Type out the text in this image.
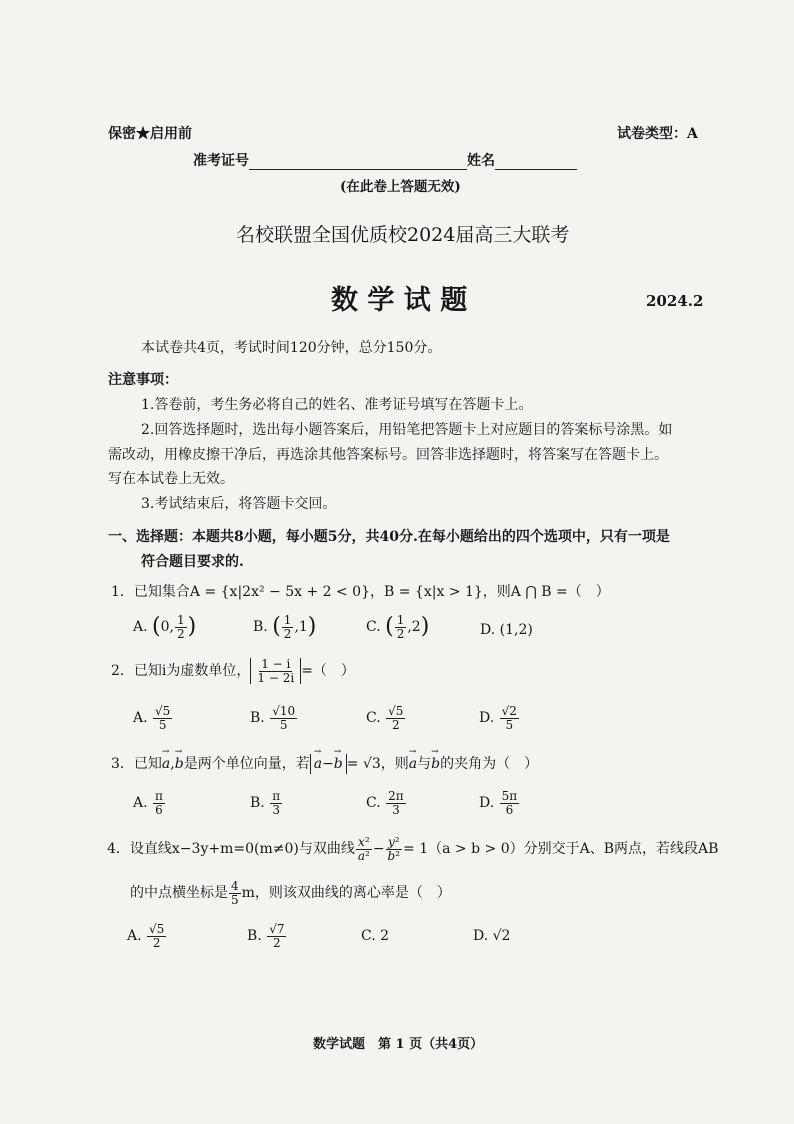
保密★启用前	试卷类型：A
准考证号	姓名
(在此卷上答题无效)
名校联盟全国优质校2024届高三大联考
数 学 试 题	2024.2
本试卷共4页，考试时间120分钟，总分150分。
注意事项：
1.答卷前，考生务必将自己的姓名、准考证号填写在答题卡上。
2.回答选择题时，选出每小题答案后，用铅笔把答题卡上对应题目的答案标号涂黑。如
需改动，用橡皮擦干净后，再选涂其他答案标号。回答非选择题时，将答案写在答题卡上。
写在本试卷上无效。
3.考试结束后，将答题卡交回。
一、选择题：本题共8小题，每小题5分，共40分.在每小题给出的四个选项中，只有一项是
符合题目要求的.
1．已知集合A = {x|2x² − 5x + 2 < 0}，B = {x|x > 1}，则A ⋂ B =（　）
A. (0, $\frac{1}{2}$ )	B. ( $\frac{1}{2} ,1$)	C. ( $\frac{1}{2} ,2$)	D. (1,2)
2．已知i为虚数单位， $\frac{1 - i}{1 - 2i}$ =（　）
A. $\frac{√5}{5}$	B. $\frac{√10}{5}$	C. $\frac{√5}{2}$	D. $\frac{√2}{5}$
3．已知→ a,→ b是两个单位向量，若→ a−→ b = √3，则→ a与→ b的夹角为（　）
A. $\frac{\pi}{6}$	B. $\frac{\pi}{3}$	C. $\frac{2\pi}{3}$	D. $\frac{5\pi}{6}$
4．设直线x−3y+m=0(m≠0)与双曲线 $\frac{\text{x²}}{\text{a²}} - \frac{\text{y²}}{\text{b²}} = 1(a > b > 0)$分别交于A、B两点，若线段AB
的中点横坐标是 $\frac{4}{5}$ m，则该双曲线的离心率是（　）
A. $\frac{√5}{2}$	B. $\frac{√7}{2}$	C. 2	D. √2
数学试题　第 1 页（共4页）
